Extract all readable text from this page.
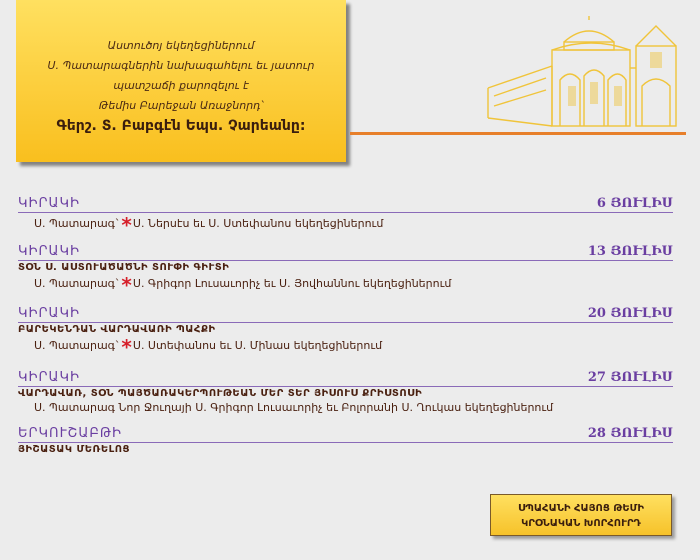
Աստուծոյ եկեղեցիներում
Ս. Պատարագներին նախագահելու եւ յատուր
պատշաճի քարոզելու է
Թեմիս Բարեջան Առաջնորդ՝
Գերշ. Տ. Բաբգէն Եպս. Չարեանը:
ԿԻՐԱԿԻ	6 ՅՈՒԼԻՍ
Ս. Պատարագ`*Ս. Ներսէս եւ Ս. Ստեփանոս եկեղեցիներում
ԿԻՐԱԿԻ	13 ՅՈՒԼԻՍ
ՏՕՆ Ս. ԱՍՏՈՒԱԾԱԾՆԻ ՏՈՒՓԻ ԳԻՒՏԻ
Ս. Պատարագ`*Ս. Գրիգոր Լուսաւորիչ եւ Ս. Յովհաննու եկեղեցիներում
ԿԻՐԱԿԻ	20 ՅՈՒԼԻՍ
ԲԱՐԵԿԵՆԴԱՆ ՎԱՐԴԱՎԱՌԻ ՊԱՀՔԻ
Ս. Պատարագ`*Ս. Ստեփանոս եւ Ս. Մինաս եկեղեցիներում
ԿԻՐԱԿԻ	27 ՅՈՒԼԻՍ
ՎԱՐԴԱՎԱՌ, ՏՕՆ ՊԱՅԾԱՌԱԿԵՐՊՈՒԹԵԱՆ ՄԵՐ ՏԵՐ ՅԻՍՈՒՍ ՔՐԻՍՏՈՍԻ
Ս. Պատարագ Նոր Ջուղայի Ս. Գրիգոր Լուսաւորիչ եւ Բոլորանի Ս. Ղուկաս եկեղեցիներում
ԵՐԿՈՒՇԱԲԹԻ	28 ՅՈՒԼԻՍ
ՅԻՇԱՏԱԿ ՄԵՌԵԼՈՑ
ՍՊԱՀԱՆԻ ՀԱՅՈՑ ԹԵՄԻ
ԿՐՕՆԱԿԱՆ ԽՈՐՀՈՒՐԴ
